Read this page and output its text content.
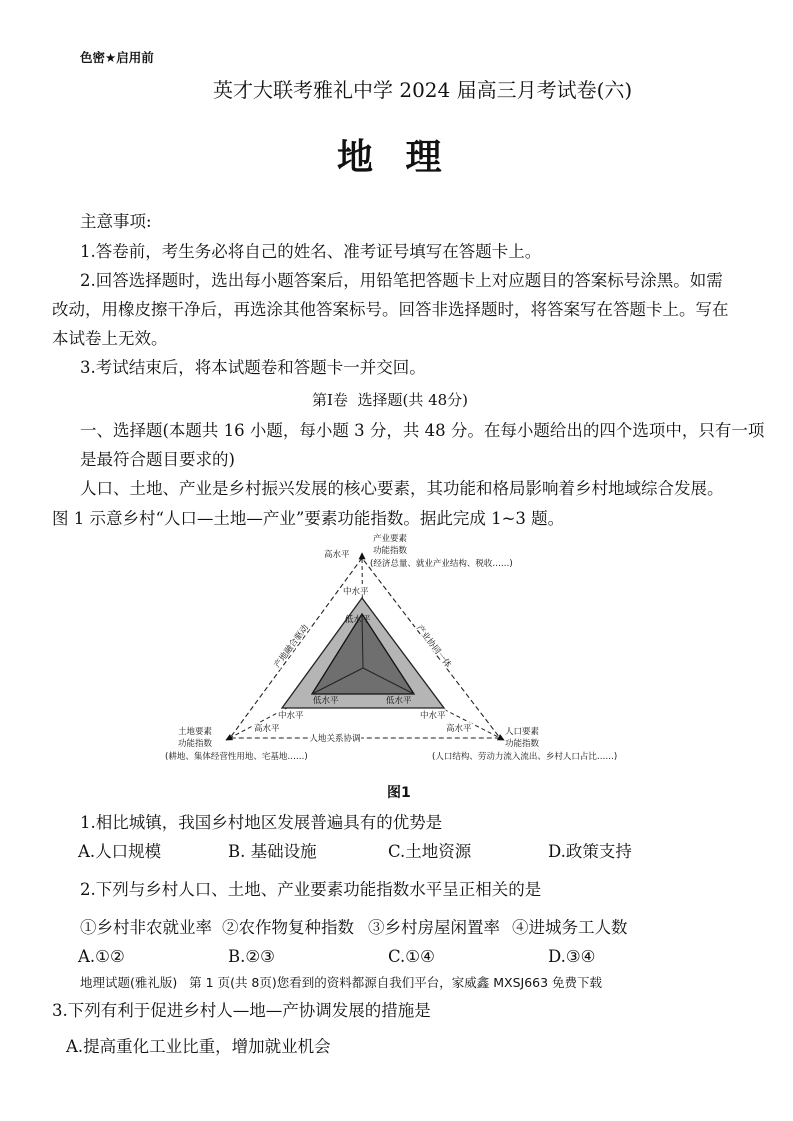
色密★启用前
英才大联考雅礼中学 2024 届高三月考试卷(六)
地 理
主意事项:
1.答卷前，考生务必将自己的姓名、准考证号填写在答题卡上。
2.回答选择题时，选出每小题答案后，用铅笔把答题卡上对应题目的答案标号涂黑。如需
改动，用橡皮擦干净后，再选涂其他答案标号。回答非选择题时，将答案写在答题卡上。写在
本试卷上无效。
3.考试结束后，将本试题卷和答题卡一并交回。
第Ⅰ卷  选择题(共 48分)
一、选择题(本题共 16 小题，每小题 3 分，共 48 分。在每小题给出的四个选项中，只有一项
是最符合题目要求的)
人口、土地、产业是乡村振兴发展的核心要素，其功能和格局影响着乡村地域综合发展。
图 1 示意乡村“人口—土地—产业”要素功能指数。据此完成 1~3 题。
产业要素
功能指数
(经济总量、就业产业结构、税收……)
土地要素
功能指数
(耕地、集体经营性用地、宅基地……)
人口要素
功能指数
(人口结构、劳动力流入流出、乡村人口占比……)
产地融合驱动	产业协同一体
人地关系协调
高水平
中水平
低水平
低水平
中水平
高水平
低水平
中水平
高水平
图1
1.相比城镇，我国乡村地区发展普遍具有的优势是
A.人口规模	B. 基础设施	C.土地资源	D.政策支持
2.下列与乡村人口、土地、产业要素功能指数水平呈正相关的是
①乡村非农就业率 ②农作物复种指数 ③乡村房屋闲置率 ④进城务工人数
A.①②	B.②③	C.①④	D.③④
地理试题(雅礼版)   第 1 页(共 8页)您看到的资料都源自我们平台，家威鑫 MXSJ663 免费下载
3.下列有利于促进乡村人—地—产协调发展的措施是
A.提高重化工业比重，增加就业机会
